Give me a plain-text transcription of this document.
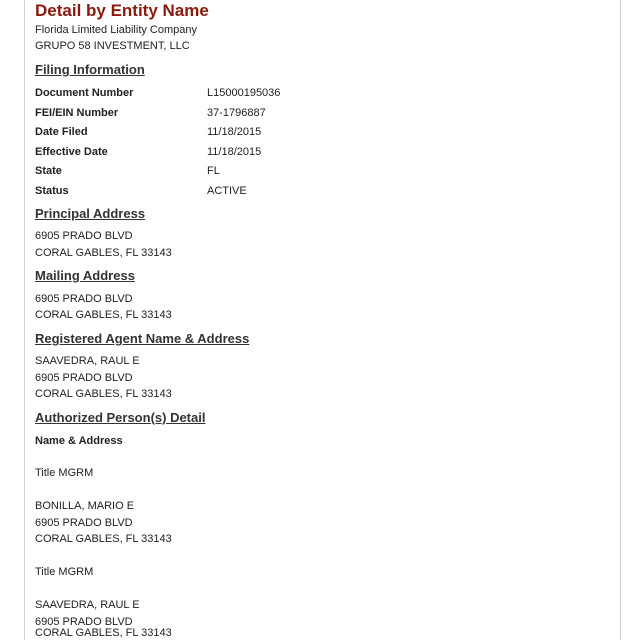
Detail by Entity Name
Florida Limited Liability Company
GRUPO 58 INVESTMENT, LLC
Filing Information
Document Number	L15000195036
FEI/EIN Number	37-1796887
Date Filed	11/18/2015
Effective Date	11/18/2015
State	FL
Status	ACTIVE
Principal Address
6905 PRADO BLVD
CORAL GABLES, FL 33143
Mailing Address
6905 PRADO BLVD
CORAL GABLES, FL 33143
Registered Agent Name & Address
SAAVEDRA, RAUL E
6905 PRADO BLVD
CORAL GABLES, FL 33143
Authorized Person(s) Detail
Name & Address
Title MGRM
BONILLA, MARIO E
6905 PRADO BLVD
CORAL GABLES, FL 33143
Title MGRM
SAAVEDRA, RAUL E
6905 PRADO BLVD
CORAL GABLES, FL 33143
